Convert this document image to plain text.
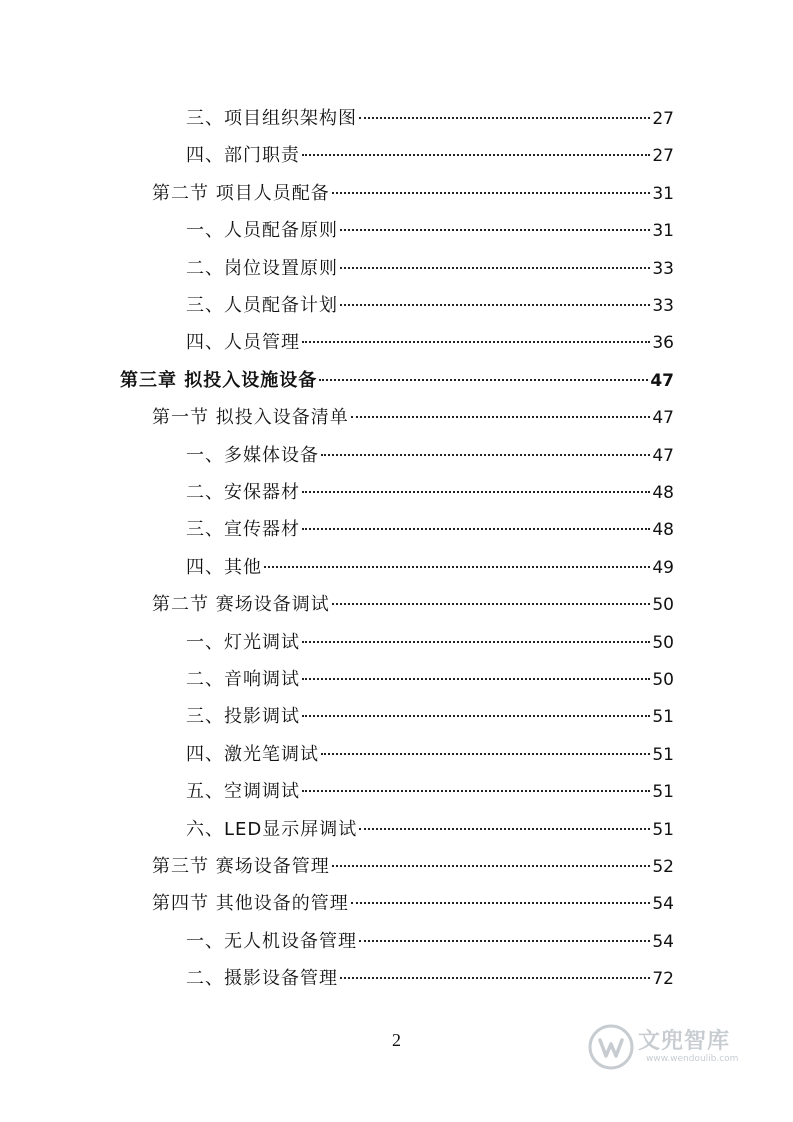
三、项目组织架构图	27
四、部门职责	27
第二节 项目人员配备	31
一、人员配备原则	31
二、岗位设置原则	33
三、人员配备计划	33
四、人员管理	36
第三章 拟投入设施设备	47
第一节 拟投入设备清单	47
一、多媒体设备	47
二、安保器材	48
三、宣传器材	48
四、其他	49
第二节 赛场设备调试	50
一、灯光调试	50
二、音响调试	50
三、投影调试	51
四、激光笔调试	51
五、空调调试	51
六、LED显示屏调试	51
第三节 赛场设备管理	52
第四节 其他设备的管理	54
一、无人机设备管理	54
二、摄影设备管理	72
2	文兜智库
www.wendoulib.com
